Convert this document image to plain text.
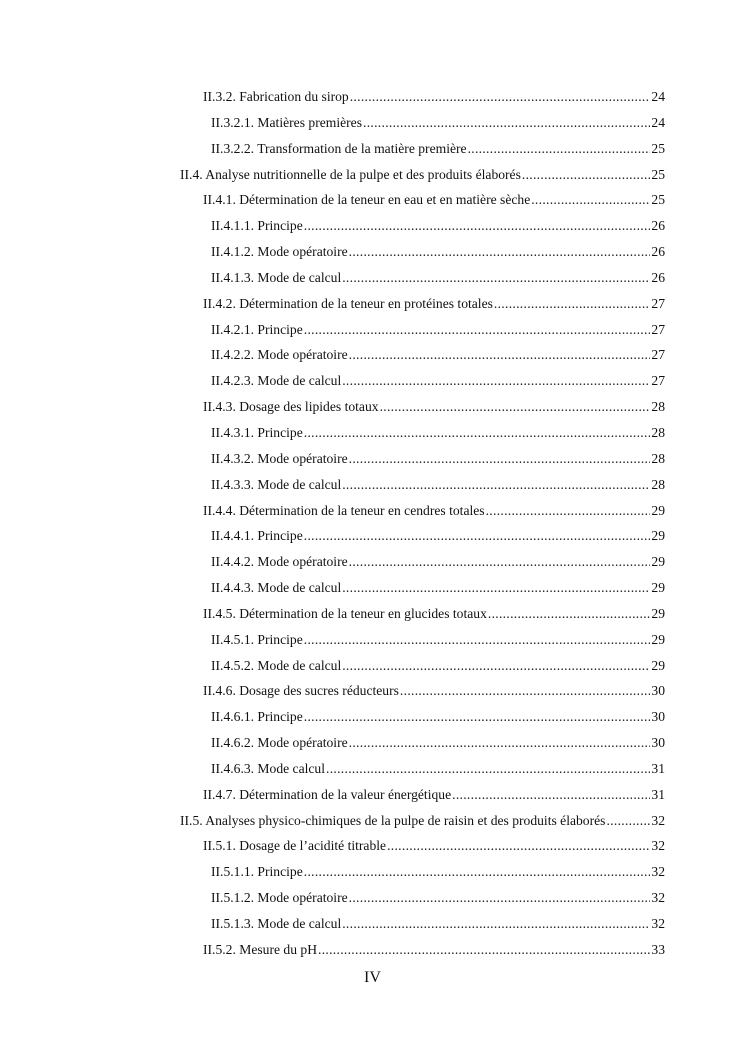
II.3.2. Fabrication du sirop .....	24
II.3.2.1. Matières premières .....	24
II.3.2.2. Transformation de la matière première .....	25
II.4. Analyse nutritionnelle de la pulpe et des produits élaborés .....	25
II.4.1. Détermination de la teneur en eau et en matière sèche .....	25
II.4.1.1. Principe .....	26
II.4.1.2. Mode opératoire .....	26
II.4.1.3. Mode de calcul .....	26
II.4.2. Détermination de la teneur en protéines totales .....	27
II.4.2.1. Principe .....	27
II.4.2.2. Mode opératoire .....	27
II.4.2.3. Mode de calcul .....	27
II.4.3. Dosage des lipides totaux .....	28
II.4.3.1. Principe .....	28
II.4.3.2. Mode opératoire .....	28
II.4.3.3. Mode de calcul .....	28
II.4.4. Détermination de la teneur en cendres totales .....	29
II.4.4.1. Principe .....	29
II.4.4.2. Mode opératoire .....	29
II.4.4.3. Mode de calcul .....	29
II.4.5. Détermination de la teneur en glucides totaux .....	29
II.4.5.1. Principe .....	29
II.4.5.2. Mode de calcul .....	29
II.4.6. Dosage des sucres réducteurs .....	30
II.4.6.1. Principe .....	30
II.4.6.2. Mode opératoire .....	30
II.4.6.3. Mode calcul .....	31
II.4.7. Détermination de la valeur énergétique .....	31
II.5. Analyses physico-chimiques de la pulpe de raisin et des produits élaborés .....	32
II.5.1. Dosage de l’acidité titrable .....	32
II.5.1.1. Principe .....	32
II.5.1.2. Mode opératoire .....	32
II.5.1.3. Mode de calcul .....	32
II.5.2. Mesure du pH .....	33
IV
